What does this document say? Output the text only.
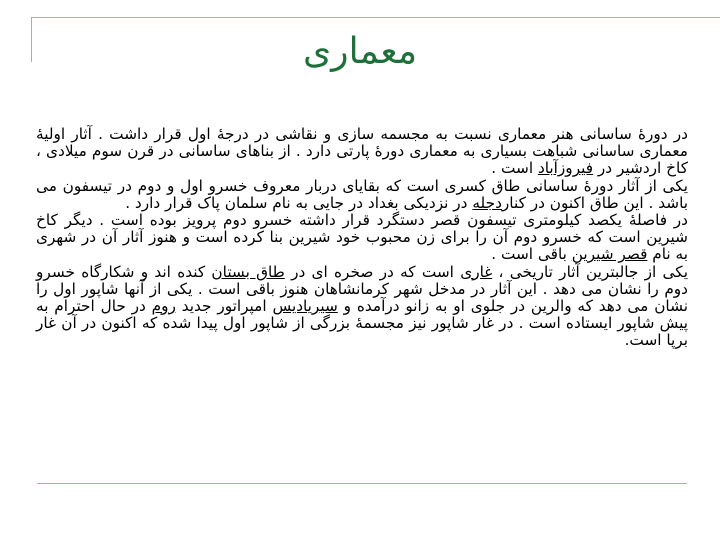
معماری

در دورهٔ ساسانی هنر معماری نسبت به مجسمه سازی و نقاشی در درجهٔ اول قرار داشت . آثار اولیهٔ معماری ساسانی شباهت بسیاری به معماری دورهٔ پارتی دارد . از بناهای ساسانی در قرن سوم میلادی ، کاخ اردشیر در فیروزآباد است .

یکی از آثار دورهٔ ساسانی طاق کسری است که بقایای دربار معروف خسرو اول و دوم در تیسفون می باشد . این طاق اکنون در کناردجله در نزدیکی بغداد در جایی به نام سلمان پاک قرار دارد .

در فاصلهٔ یکصد کیلومتری تیسفون قصر دستگرد قرار داشته خسرو دوم پرویز بوده است . دیگر کاخ شیرین است که خسرو دوم آن را برای زن محبوب خود شیرین بنا کرده است و هنوز آثار آن در شهری به نام قصر شیرین باقی است .

یکی از جالبترین آثار تاریخی ، غاری است که در صخره ای در طاق بستان کنده اند و شکارگاه خسرو دوم را نشان می دهد . این آثار در مدخل شهر کرمانشاهان هنوز باقی است . یکی از آنها شاپور اول را نشان می دهد که والرین در جلوی او به زانو درآمده و سیریادیس امپراتور جدید روم در حال احترام به پیش شاپور ایستاده است . در غار شاپور نیز مجسمهٔ بزرگی از شاپور اول پیدا شده که اکنون در آن غار برپا است.
